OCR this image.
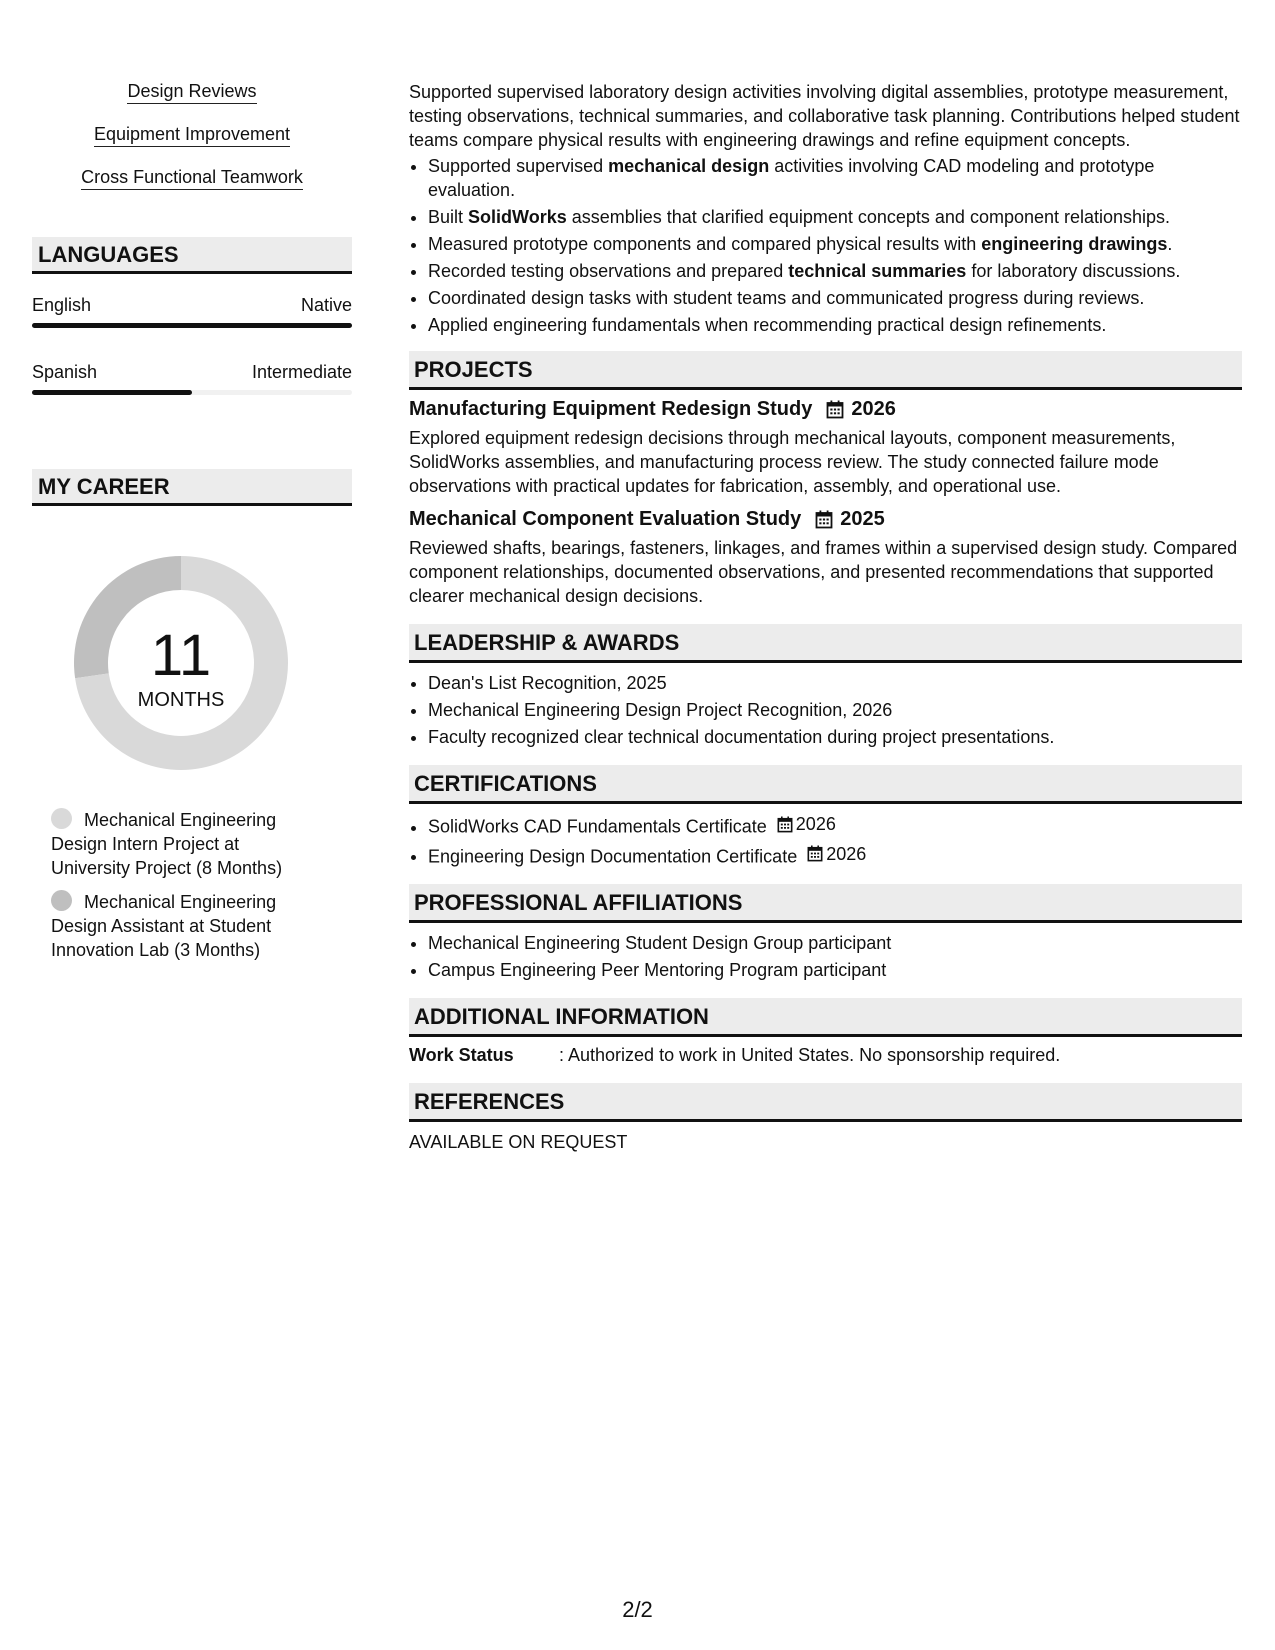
Design Reviews
Equipment Improvement
Cross Functional Teamwork
LANGUAGES
English	Native
Spanish	Intermediate
MY CAREER
11
MONTHS
Mechanical Engineering Design Intern Project at University Project (8 Months)
Mechanical Engineering Design Assistant at Student Innovation Lab (3 Months)

Supported supervised laboratory design activities involving digital assemblies, prototype measurement, testing observations, technical summaries, and collaborative task planning. Contributions helped student teams compare physical results with engineering drawings and refine equipment concepts.

• Supported supervised mechanical design activities involving CAD modeling and prototype evaluation.
• Built SolidWorks assemblies that clarified equipment concepts and component relationships.
• Measured prototype components and compared physical results with engineering drawings.
• Recorded testing observations and prepared technical summaries for laboratory discussions.
• Coordinated design tasks with student teams and communicated progress during reviews.
• Applied engineering fundamentals when recommending practical design refinements.
PROJECTS
Manufacturing Equipment Redesign Study 2026

Explored equipment redesign decisions through mechanical layouts, component measurements, SolidWorks assemblies, and manufacturing process review. The study connected failure mode observations with practical updates for fabrication, assembly, and operational use.

Mechanical Component Evaluation Study 2025

Reviewed shafts, bearings, fasteners, linkages, and frames within a supervised design study. Compared component relationships, documented observations, and presented recommendations that supported clearer mechanical design decisions.

LEADERSHIP & AWARDS
• Dean's List Recognition, 2025
• Mechanical Engineering Design Project Recognition, 2026
• Faculty recognized clear technical documentation during project presentations.
CERTIFICATIONS
• SolidWorks CAD Fundamentals Certificate 2026
• Engineering Design Documentation Certificate 2026
PROFESSIONAL AFFILIATIONS
• Mechanical Engineering Student Design Group participant
• Campus Engineering Peer Mentoring Program participant
ADDITIONAL INFORMATION
Work Status	: Authorized to work in United States. No sponsorship required.
REFERENCES
AVAILABLE ON REQUEST
2/2
